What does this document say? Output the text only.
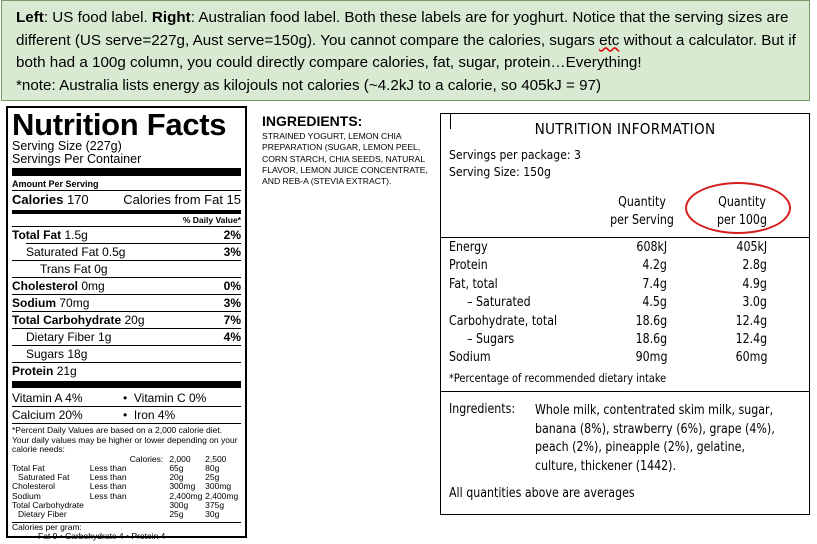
Left: US food label. Right: Australian food label. Both these labels are for yoghurt. Notice that the serving sizes are different (US serve=227g, Aust serve=150g). You cannot compare the calories, sugars etc without a calculator. But if both had a 100g column, you could directly compare calories, fat, sugar, protein…Everything!
*note: Australia lists energy as kilojouls not calories (~4.2kJ to a calorie, so 405kJ = 97)
Nutrition Facts
Serving Size (227g)
Servings Per Container
Amount Per Serving
Calories 170	Calories from Fat 15
% Daily Value*
Total Fat 1.5g	2%
Saturated Fat 0.5g	3%
Trans Fat 0g
Cholesterol 0mg	0%
Sodium 70mg	3%
Total Carbohydrate 20g	7%
Dietary Fiber 1g	4%
Sugars 18g
Protein 21g
Vitamin A 4%	• Vitamin C 0%
Calcium 20%	• Iron 4%
*Percent Daily Values are based on a 2,000 calorie diet. Your daily values may be higher or lower depending on your calorie needs:
	Calories:	2,000	2,500
Total Fat	Less than	65g	80g
Saturated Fat	Less than	20g	25g
Cholesterol	Less than	300mg	300mg
Sodium	Less than	2,400mg	2,400mg
Total Carbohydrate		300g	375g
Dietary Fiber		25g	30g
Calories per gram:
Fat 9 • Carbohydrate 4 • Protein 4
INGREDIENTS:
STRAINED YOGURT, LEMON CHIA PREPARATION (SUGAR, LEMON PEEL, CORN STARCH, CHIA SEEDS, NATURAL FLAVOR, LEMON JUICE CONCENTRATE, AND REB-A (STEVIA EXTRACT).
NUTRITION INFORMATION
Servings per package: 3
Serving Size: 150g
Quantity
per Serving
Quantity
per 100g
Energy	608kJ	405kJ
Protein	4.2g	2.8g
Fat, total	7.4g	4.9g
– Saturated	4.5g	3.0g
Carbohydrate, total	18.6g	12.4g
– Sugars	18.6g	12.4g
Sodium	90mg	60mg
*Percentage of recommended dietary intake
Ingredients: Whole milk, contentrated skim milk, sugar, banana (8%), strawberry (6%), grape (4%), peach (2%), pineapple (2%), gelatine, culture, thickener (1442).
All quantities above are averages
